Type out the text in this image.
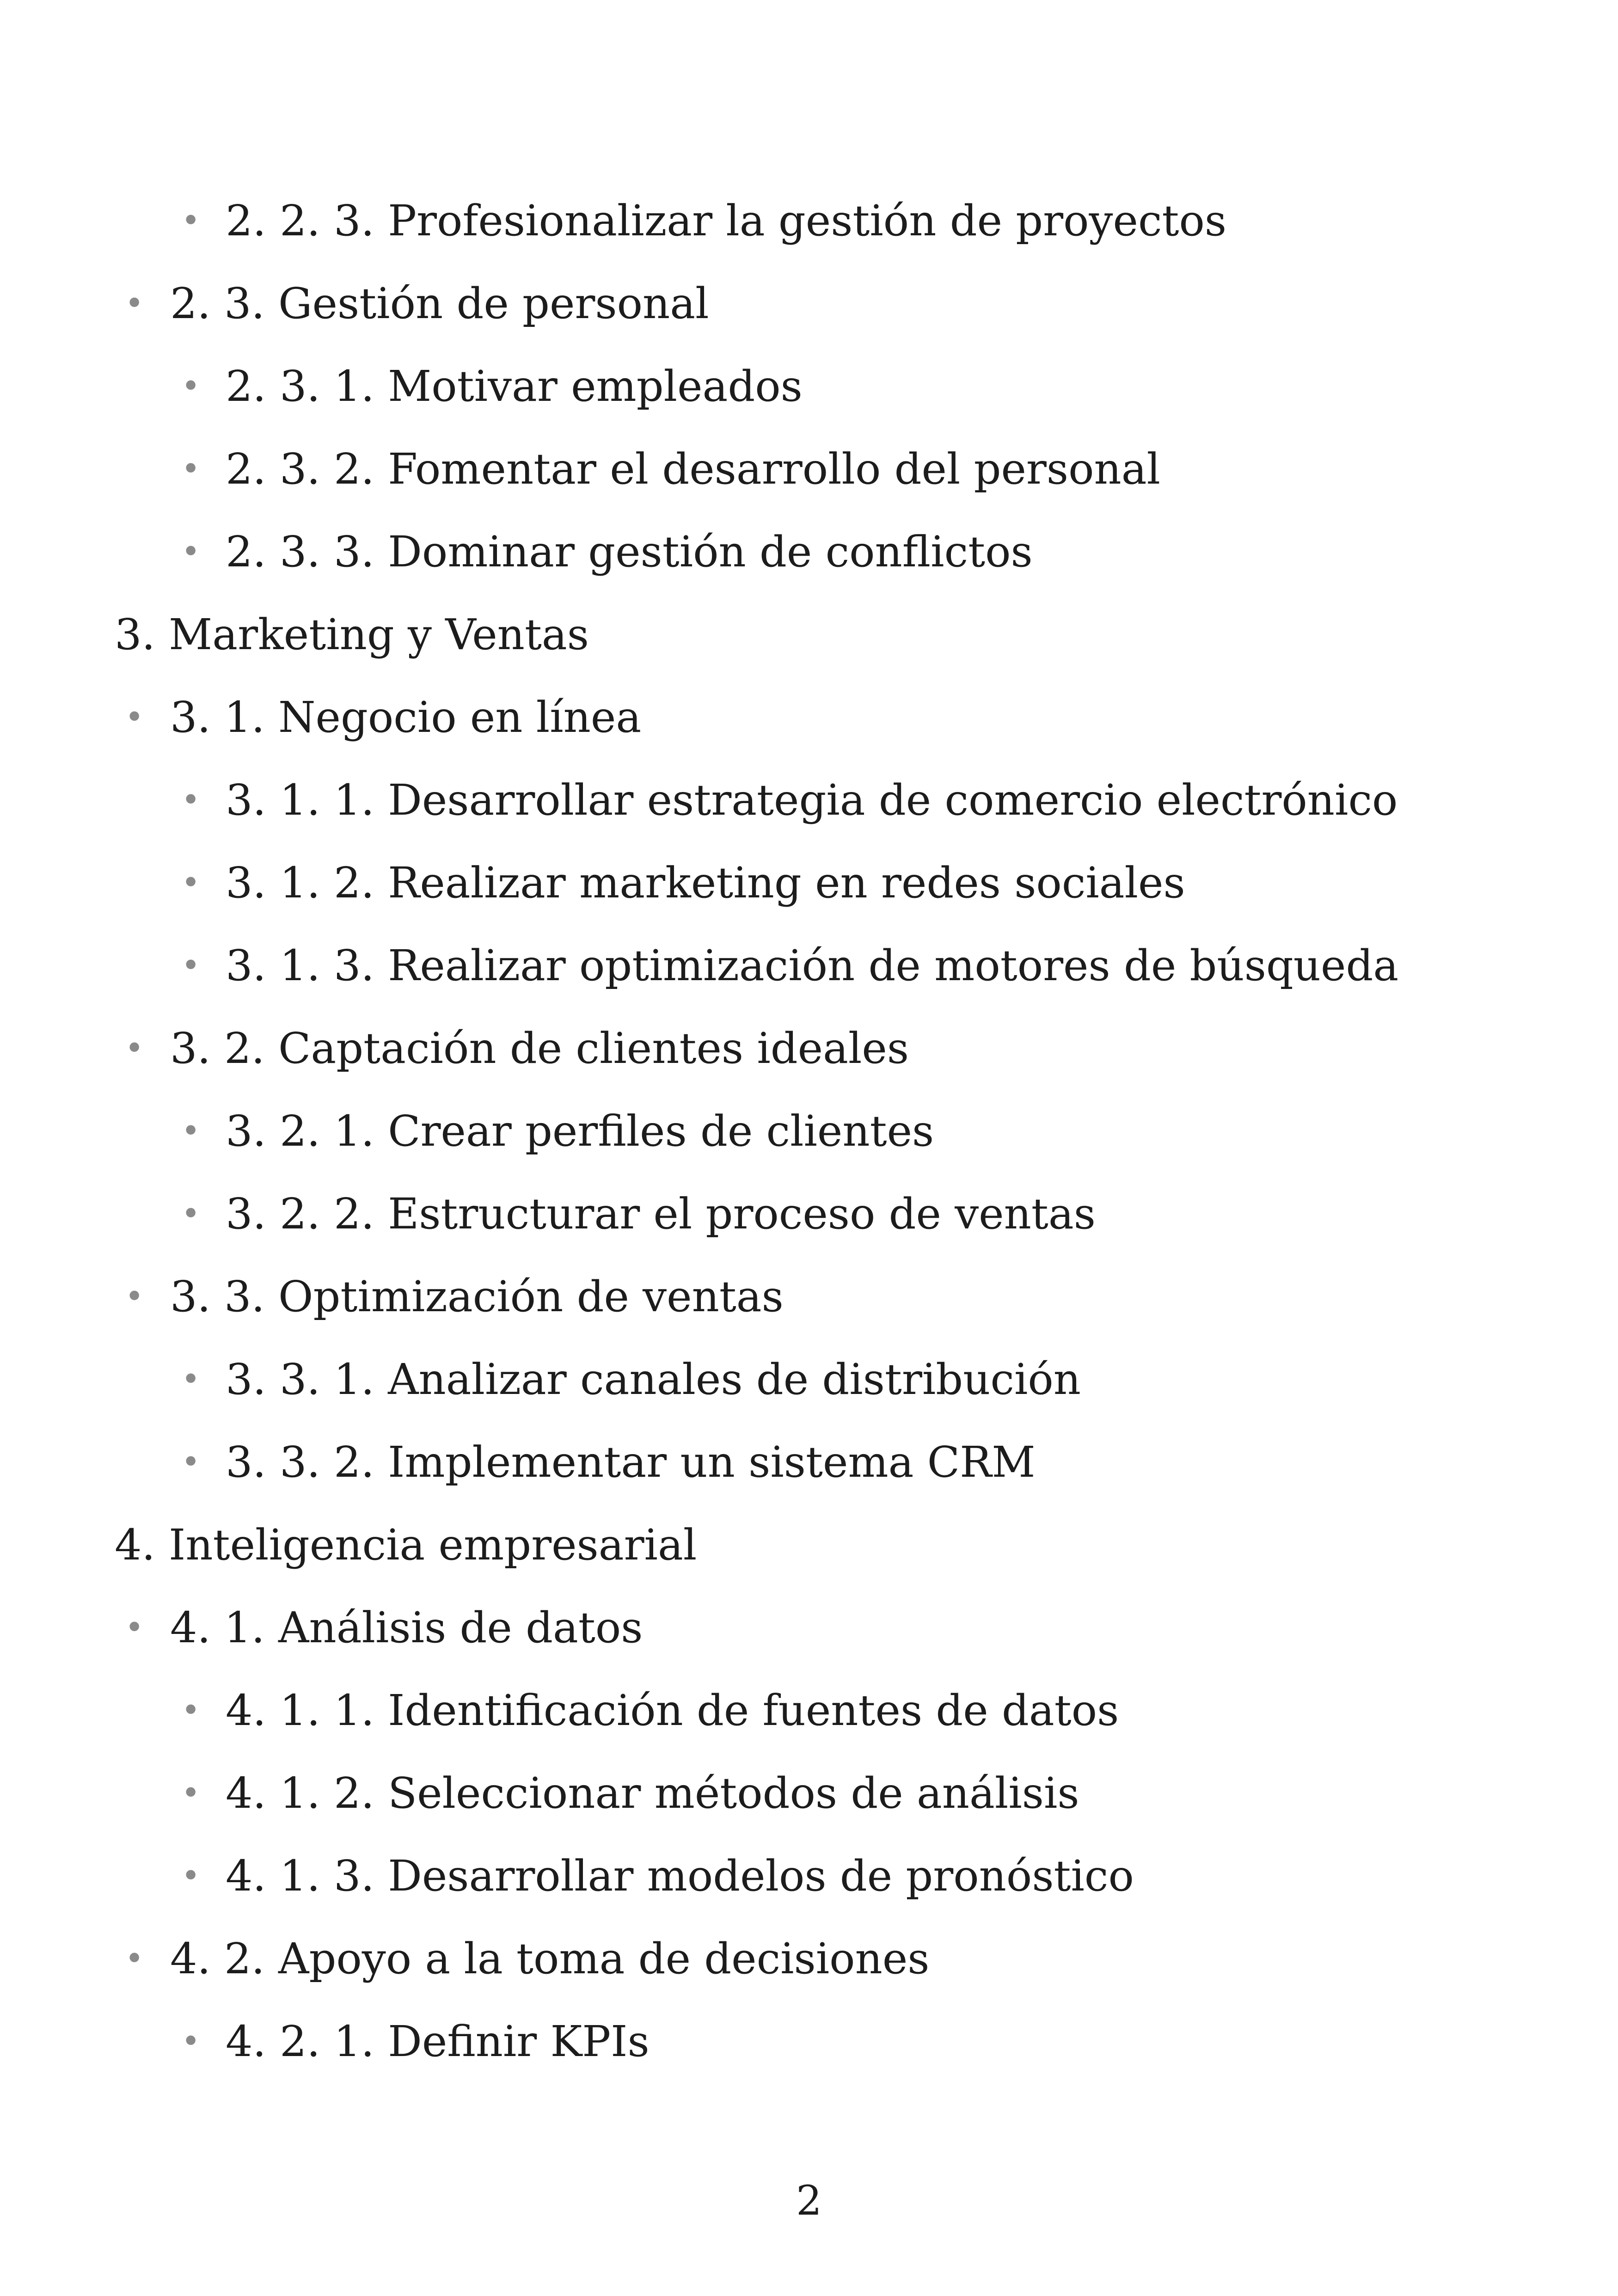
• 2. 2. 3. Profesionalizar la gestión de proyectos
• 2. 3. Gestión de personal
• 2. 3. 1. Motivar empleados
• 2. 3. 2. Fomentar el desarrollo del personal
• 2. 3. 3. Dominar gestión de conflictos
3. Marketing y Ventas
• 3. 1. Negocio en línea
• 3. 1. 1. Desarrollar estrategia de comercio electrónico
• 3. 1. 2. Realizar marketing en redes sociales
• 3. 1. 3. Realizar optimización de motores de búsqueda
• 3. 2. Captación de clientes ideales
• 3. 2. 1. Crear perfiles de clientes
• 3. 2. 2. Estructurar el proceso de ventas
• 3. 3. Optimización de ventas
• 3. 3. 1. Analizar canales de distribución
• 3. 3. 2. Implementar un sistema CRM
4. Inteligencia empresarial
• 4. 1. Análisis de datos
• 4. 1. 1. Identificación de fuentes de datos
• 4. 1. 2. Seleccionar métodos de análisis
• 4. 1. 3. Desarrollar modelos de pronóstico
• 4. 2. Apoyo a la toma de decisiones
• 4. 2. 1. Definir KPIs
2
